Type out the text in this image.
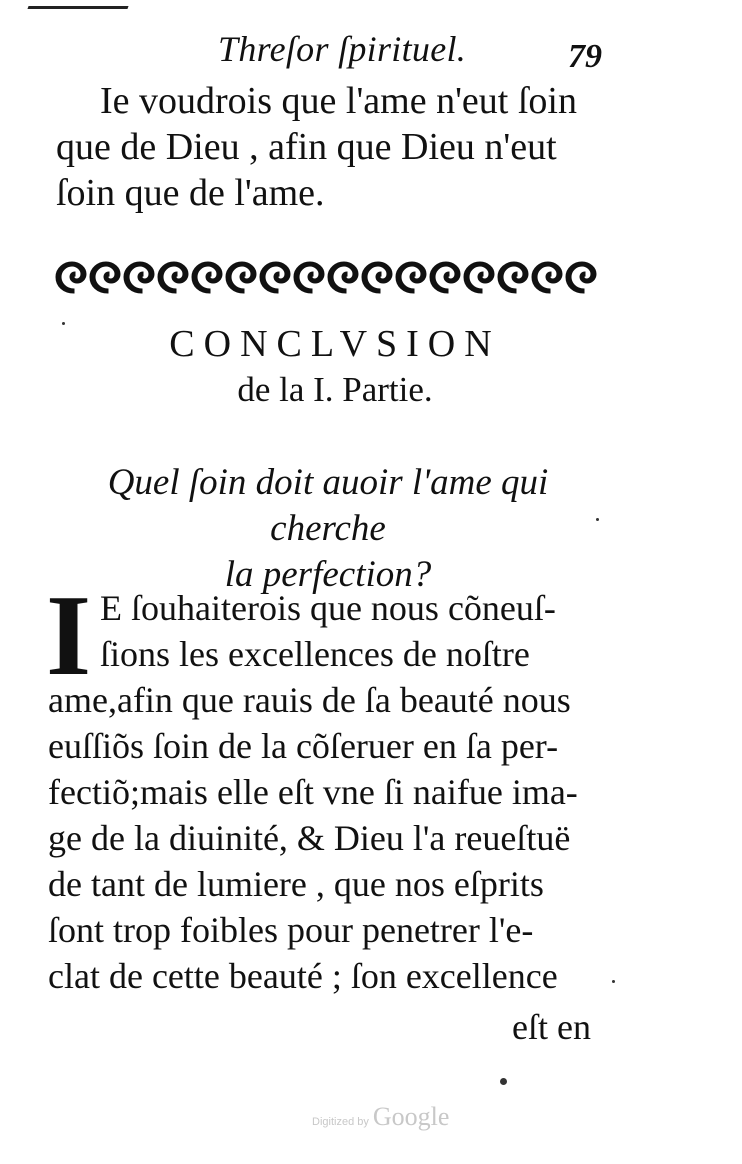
Threſor ſpirituel.	79
Ie voudrois que l'ame n'eut ſoin
que de Dieu , afin que Dieu n'eut
ſoin que de l'ame.
CONCLVSION
de la I. Partie.
Quel ſoin doit auoir l'ame qui cherche
la perfection?
I E ſouhaiterois que nous cõneuſ-
ſions les excellences de noſtre
ame,afin que rauis de ſa beauté nous
euſſiõs ſoin de la cõſeruer en ſa per-
fectiõ;mais elle eſt vne ſi naifue ima-
ge de la diuinité, & Dieu l'a reueſtuë
de tant de lumiere , que nos eſprits
ſont trop foibles pour penetrer l'e-
clat de cette beauté ; ſon excellence
eſt en
Digitized by Google
